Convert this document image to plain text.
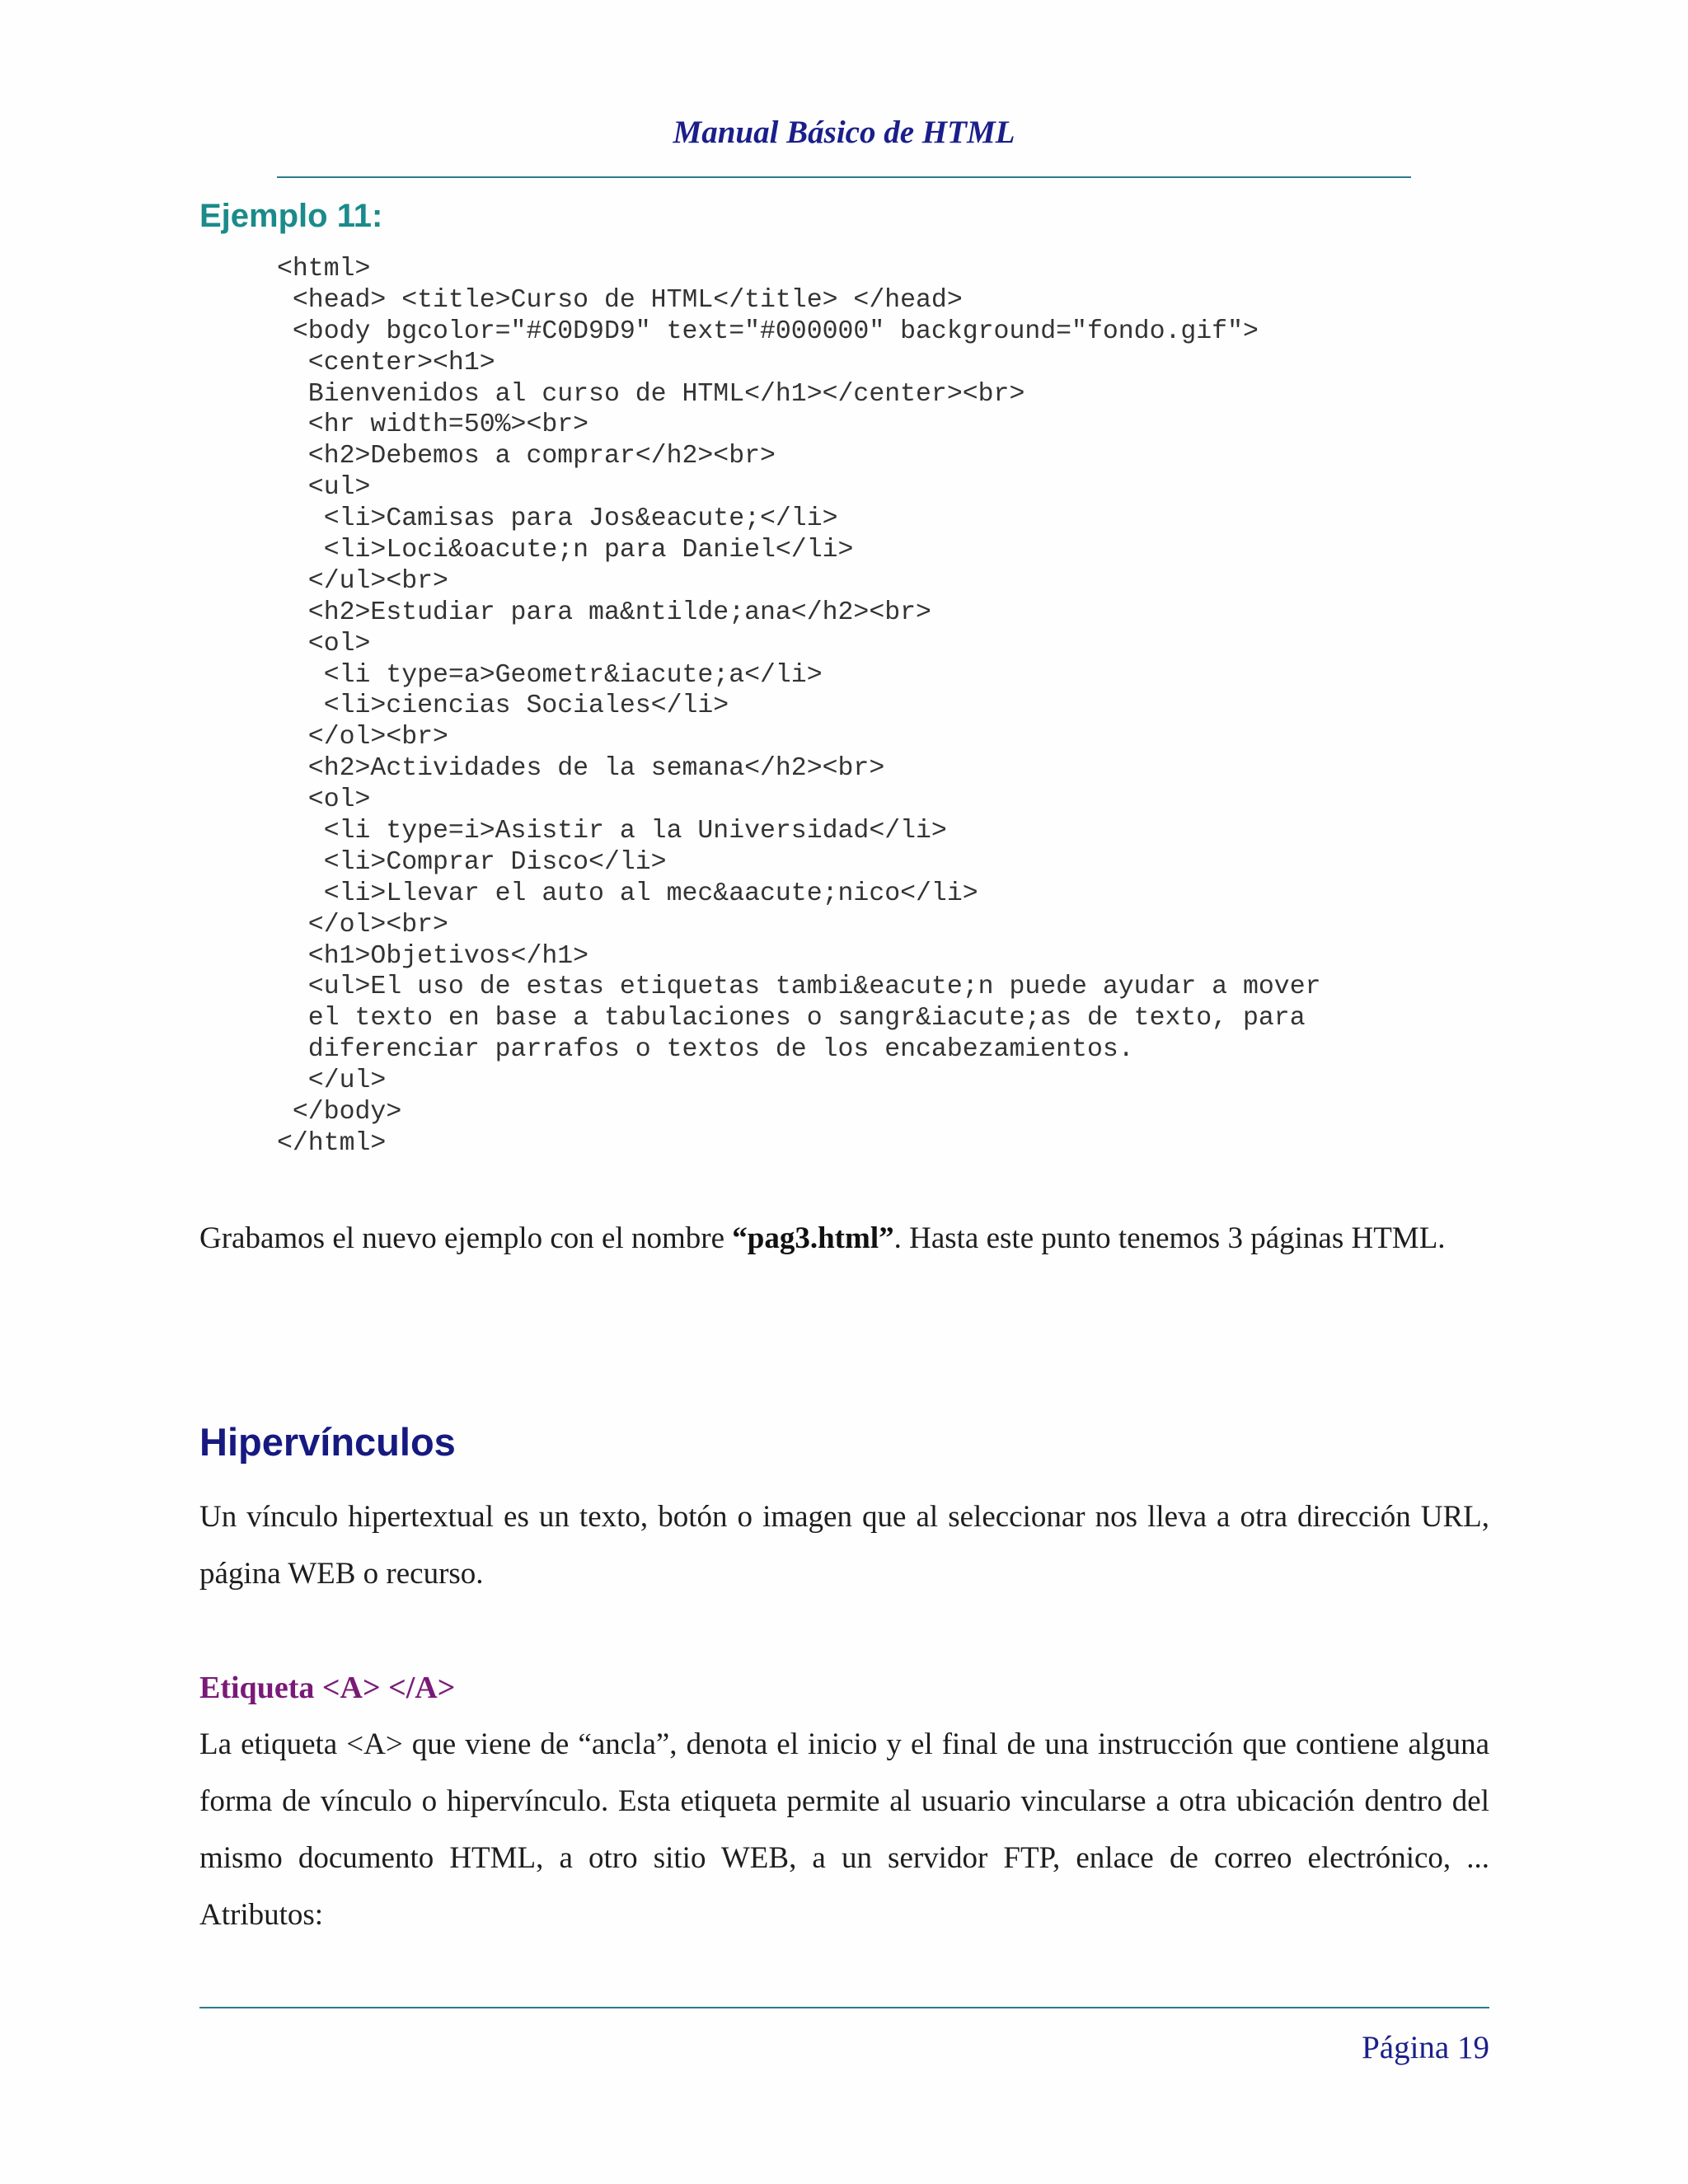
Manual Básico de HTML
Ejemplo 11:
<html>
<head> <title>Curso de HTML</title> </head>
<body bgcolor="#C0D9D9" text="#000000" background="fondo.gif">
<center><h1>
Bienvenidos al curso de HTML</h1></center><br>
<hr width=50%><br>
<h2>Debemos a comprar</h2><br>
<ul>
<li>Camisas para Jos&eacute;</li>
<li>Loci&oacute;n para Daniel</li>
</ul><br>
<h2>Estudiar para ma&ntilde;ana</h2><br>
<ol>
<li type=a>Geometr&iacute;a</li>
<li>ciencias Sociales</li>
</ol><br>
<h2>Actividades de la semana</h2><br>
<ol>
<li type=i>Asistir a la Universidad</li>
<li>Comprar Disco</li>
<li>Llevar el auto al mec&aacute;nico</li>
</ol><br>
<h1>Objetivos</h1>
<ul>El uso de estas etiquetas tambi&eacute;n puede ayudar a mover
el texto en base a tabulaciones o sangr&iacute;as de texto, para
diferenciar parrafos o textos de los encabezamientos.
</ul>
</body>
</html>

Grabamos el nuevo ejemplo con el nombre “pag3.html”. Hasta este punto tenemos 3 páginas HTML.

Hipervínculos

Un vínculo hipertextual es un texto, botón o imagen que al seleccionar nos lleva a otra dirección URL, página WEB o recurso.

Etiqueta <A> </A>

La etiqueta <A> que viene de “ancla”, denota el inicio y el final de una instrucción que contiene alguna forma de vínculo o hipervínculo. Esta etiqueta permite al usuario vincularse a otra ubicación dentro del mismo documento HTML, a otro sitio WEB, a un servidor FTP, enlace de correo electrónico, ... Atributos:

Página 19
